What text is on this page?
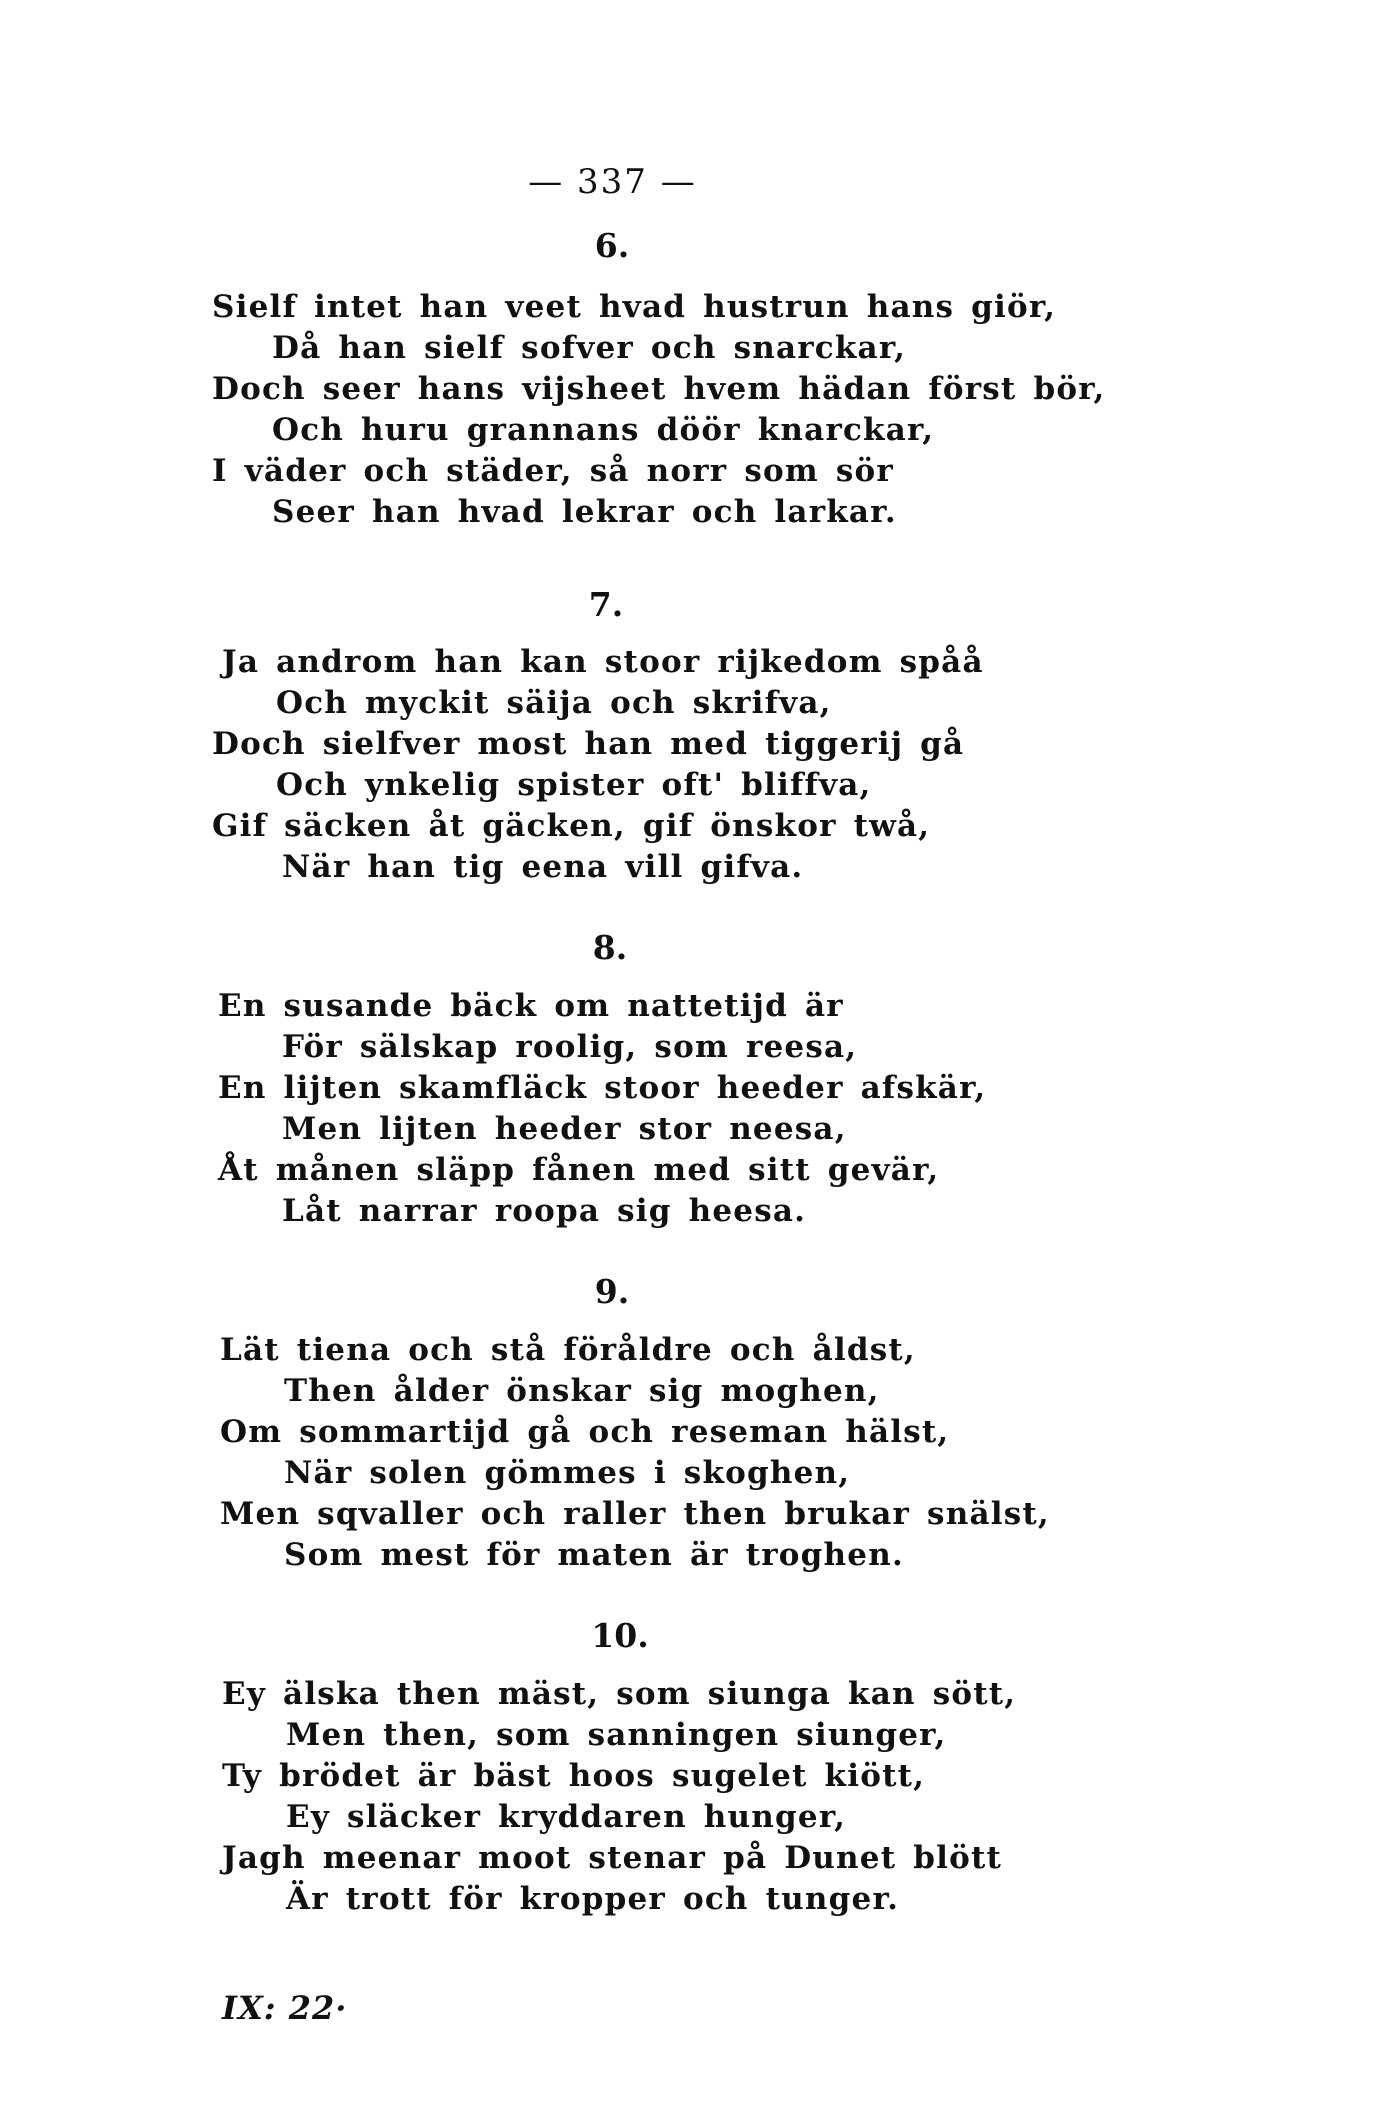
— 337 —
6.
Sielf intet han veet hvad hustrun hans giör,
Då han sielf sofver och snarckar,
Doch seer hans vijsheet hvem hädan först bör,
Och huru grannans döör knarckar,
I väder och städer, så norr som sör
Seer han hvad lekrar och larkar.
7.
Ja androm han kan stoor rijkedom spåå
Och myckit säija och skrifva,
Doch sielfver most han med tiggerij gå
Och ynkelig spister oft' bliffva,
Gif säcken åt gäcken, gif önskor twå,
När han tig eena vill gifva.
8.
En susande bäck om nattetijd är
För sälskap roolig, som reesa,
En lijten skamfläck stoor heeder afskär,
Men lijten heeder stor neesa,
Åt månen släpp fånen med sitt gevär,
Låt narrar roopa sig heesa.
9.
Lät tiena och stå föråldre och åldst,
Then ålder önskar sig moghen,
Om sommartijd gå och reseman hälst,
När solen gömmes i skoghen,
Men sqvaller och raller then brukar snälst,
Som mest för maten är troghen.
10.
Ey älska then mäst, som siunga kan sött,
Men then, som sanningen siunger,
Ty brödet är bäst hoos sugelet kiött,
Ey släcker kryddaren hunger,
Jagh meenar moot stenar på Dunet blött
Är trott för kropper och tunger.
IX: 22·
